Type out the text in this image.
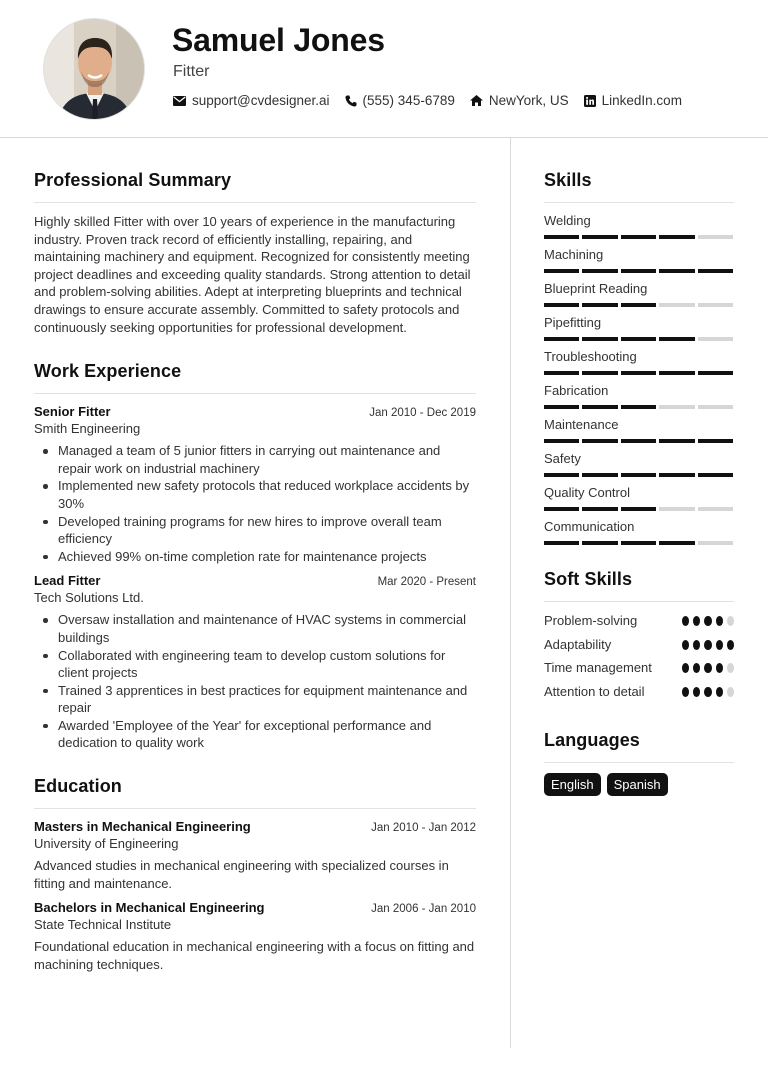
Samuel Jones
Fitter
support@cvdesigner.ai (555) 345-6789	NewYork, US LinkedIn.com
Professional Summary

Highly skilled Fitter with over 10 years of experience in the manufacturing industry. Proven track record of efficiently installing, repairing, and maintaining machinery and equipment. Recognized for consistently meeting project deadlines and exceeding quality standards. Strong attention to detail and problem-solving abilities. Adept at interpreting blueprints and technical drawings to ensure accurate assembly. Committed to safety protocols and continuously seeking opportunities for professional development.

Work Experience
Senior Fitter	Jan 2010 - Dec 2019
Smith Engineering
Managed a team of 5 junior fitters in carrying out maintenance and repair work on industrial machinery
Implemented new safety protocols that reduced workplace accidents by 30%
Developed training programs for new hires to improve overall team efficiency
Achieved 99% on-time completion rate for maintenance projects
Lead Fitter	Mar 2020 - Present
Tech Solutions Ltd.
Oversaw installation and maintenance of HVAC systems in commercial buildings
Collaborated with engineering team to develop custom solutions for client projects
Trained 3 apprentices in best practices for equipment maintenance and repair
Awarded 'Employee of the Year' for exceptional performance and dedication to quality work
Education
Masters in Mechanical Engineering	Jan 2010 - Jan 2012
University of Engineering

Advanced studies in mechanical engineering with specialized courses in fitting and maintenance.

Bachelors in Mechanical Engineering	Jan 2006 - Jan 2010
State Technical Institute

Foundational education in mechanical engineering with a focus on fitting and machining techniques.

Skills
Welding
Machining
Blueprint Reading
Pipefitting
Troubleshooting
Fabrication
Maintenance
Safety
Quality Control
Communication
Soft Skills
Problem-solving
Adaptability
Time management
Attention to detail
Languages
English	Spanish
